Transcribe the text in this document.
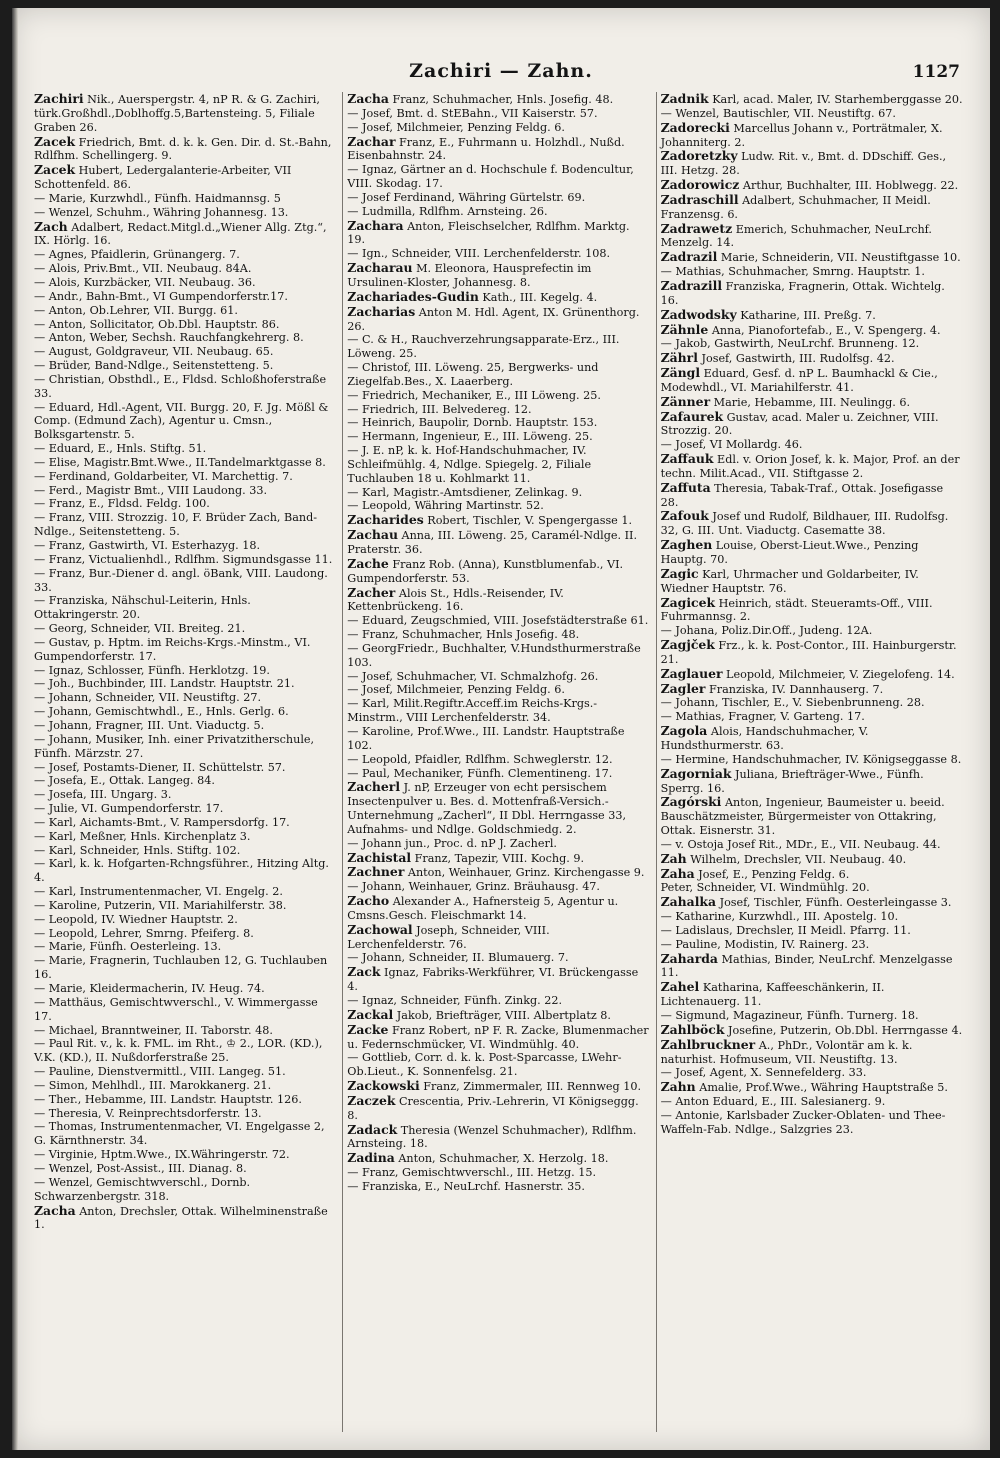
Zachiri — Zahn.	1127

Zachiri Nik., Auerspergstr. 4, nP R. & G. Zachiri, türk.Großhdl.,Doblhoffg.5,Bartensteing. 5, Filiale Graben 26.

Zacek Friedrich, Bmt. d. k. k. Gen. Dir. d. St.-Bahn, Rdlfhm. Schellingerg. 9.

Zacek Hubert, Ledergalanterie-Arbeiter, VII Schottenfeld. 86.

— Marie, Kurzwhdl., Fünfh. Haidmannsg. 5

— Wenzel, Schuhm., Währing Johannesg. 13.

Zach Adalbert, Redact.Mitgl.d.„Wiener Allg. Ztg.“, IX. Hörlg. 16.

— Agnes, Pfaidlerin, Grünangerg. 7.

— Alois, Priv.Bmt., VII. Neubaug. 84A.

— Alois, Kurzbäcker, VII. Neubaug. 36.

— Andr., Bahn-Bmt., VI Gumpendorferstr.17.

— Anton, Ob.Lehrer, VII. Burgg. 61.

— Anton, Sollicitator, Ob.Dbl. Hauptstr. 86.

— Anton, Weber, Sechsh. Rauchfangkehrerg. 8.

— August, Goldgraveur, VII. Neubaug. 65.

— Brüder, Band-Ndlge., Seitenstetteng. 5.

— Christian, Obsthdl., E., Fldsd. Schloßhoferstraße 33.

— Eduard, Hdl.-Agent, VII. Burgg. 20, F. Jg. Mößl & Comp. (Edmund Zach), Agentur u. Cmsn., Bolksgartenstr. 5.

— Eduard, E., Hnls. Stiftg. 51.

— Elise, Magistr.Bmt.Wwe., II.Tandelmarktgasse 8.

— Ferdinand, Goldarbeiter, VI. Marchettig. 7.

— Ferd., Magistr Bmt., VIII Laudong. 33.

— Franz, E., Fldsd. Feldg. 100.

— Franz, VIII. Strozzig. 10, F. Brüder Zach, Band-Ndlge., Seitenstetteng. 5.

— Franz, Gastwirth, VI. Esterhazyg. 18.

— Franz, Victualienhdl., Rdlfhm. Sigmundsgasse 11.

— Franz, Bur.-Diener d. angl. öBank, VIII. Laudong. 33.

— Franziska, Nähschul-Leiterin, Hnls. Ottakringerstr. 20.

— Georg, Schneider, VII. Breiteg. 21.

— Gustav, p. Hptm. im Reichs-Krgs.-Minstm., VI. Gumpendorferstr. 17.

— Ignaz, Schlosser, Fünfh. Herklotzg. 19.

— Joh., Buchbinder, III. Landstr. Hauptstr. 21.

— Johann, Schneider, VII. Neustiftg. 27.

— Johann, Gemischtwhdl., E., Hnls. Gerlg. 6.

— Johann, Fragner, III. Unt. Viaductg. 5.

— Johann, Musiker, Inh. einer Privatzitherschule, Fünfh. Märzstr. 27.

— Josef, Postamts-Diener, II. Schüttelstr. 57.

— Josefa, E., Ottak. Langeg. 84.

— Josefa, III. Ungarg. 3.

— Julie, VI. Gumpendorferstr. 17.

— Karl, Aichamts-Bmt., V. Rampersdorfg. 17.

— Karl, Meßner, Hnls. Kirchenplatz 3.

— Karl, Schneider, Hnls. Stiftg. 102.

— Karl, k. k. Hofgarten-Rchngsführer., Hitzing Altg. 4.

— Karl, Instrumentenmacher, VI. Engelg. 2.

— Karoline, Putzerin, VII. Mariahilferstr. 38.

— Leopold, IV. Wiedner Hauptstr. 2.

— Leopold, Lehrer, Smrng. Pfeiferg. 8.

— Marie, Fünfh. Oesterleing. 13.

— Marie, Fragnerin, Tuchlauben 12, G. Tuchlauben 16.

— Marie, Kleidermacherin, IV. Heug. 74.

— Matthäus, Gemischtwverschl., V. Wimmergasse 17.

— Michael, Branntweiner, II. Taborstr. 48.

— Paul Rit. v., k. k. FML. im Rht., ♔ 2., LOR. (KD.), V.K. (KD.), II. Nußdorferstraße 25.

— Pauline, Dienstvermittl., VIII. Langeg. 51.

— Simon, Mehlhdl., III. Marokkanerg. 21.

— Ther., Hebamme, III. Landstr. Hauptstr. 126.

— Theresia, V. Reinprechtsdorferstr. 13.

— Thomas, Instrumentenmacher, VI. Engelgasse 2, G. Kärnthnerstr. 34.

— Virginie, Hptm.Wwe., IX.Währingerstr. 72.

— Wenzel, Post-Assist., III. Dianag. 8.

— Wenzel, Gemischtwverschl., Dornb. Schwarzenbergstr. 318.

Zacha Anton, Drechsler, Ottak. Wilhelminenstraße 1.

Zacha Franz, Schuhmacher, Hnls. Josefig. 48.

— Josef, Bmt. d. StEBahn., VII Kaiserstr. 57.

— Josef, Milchmeier, Penzing Feldg. 6.

Zachar Franz, E., Fuhrmann u. Holzhdl., Nußd. Eisenbahnstr. 24.

— Ignaz, Gärtner an d. Hochschule f. Bodencultur, VIII. Skodag. 17.

— Josef Ferdinand, Währing Gürtelstr. 69.

— Ludmilla, Rdlfhm. Arnsteing. 26.

Zachara Anton, Fleischselcher, Rdlfhm. Marktg. 19.

— Ign., Schneider, VIII. Lerchenfelderstr. 108.

Zacharau M. Eleonora, Hausprefectin im Ursulinen-Kloster, Johannesg. 8.

Zachariades-Gudin Kath., III. Kegelg. 4.

Zacharias Anton M. Hdl. Agent, IX. Grünenthorg. 26.

— C. & H., Rauchverzehrungsapparate-Erz., III. Löweng. 25.

— Christof, III. Löweng. 25, Bergwerks- und Ziegelfab.Bes., X. Laaerberg.

— Friedrich, Mechaniker, E., III Löweng. 25.

— Friedrich, III. Belvedereg. 12.

— Heinrich, Baupolir, Dornb. Hauptstr. 153.

— Hermann, Ingenieur, E., III. Löweng. 25.

— J. E. nP, k. k. Hof-Handschuhmacher, IV. Schleifmühlg. 4, Ndlge. Spiegelg. 2, Filiale Tuchlauben 18 u. Kohlmarkt 11.

— Karl, Magistr.-Amtsdiener, Zelinkag. 9.

— Leopold, Währing Martinstr. 52.

Zacharides Robert, Tischler, V. Spengergasse 1.

Zachau Anna, III. Löweng. 25, Caramél-Ndlge. II. Praterstr. 36.

Zache Franz Rob. (Anna), Kunstblumenfab., VI. Gumpendorferstr. 53.

Zacher Alois St., Hdls.-Reisender, IV. Kettenbrückeng. 16.

— Eduard, Zeugschmied, VIII. Josefstädterstraße 61.

— Franz, Schuhmacher, Hnls Josefig. 48.

— GeorgFriedr., Buchhalter, V.Hundsthurmerstraße 103.

— Josef, Schuhmacher, VI. Schmalzhofg. 26.

— Josef, Milchmeier, Penzing Feldg. 6.

— Karl, Milit.Regiftr.Acceff.im Reichs-Krgs.-Minstrm., VIII Lerchenfelderstr. 34.

— Karoline, Prof.Wwe., III. Landstr. Hauptstraße 102.

— Leopold, Pfaidler, Rdlfhm. Schweglerstr. 12.

— Paul, Mechaniker, Fünfh. Clementineng. 17.

Zacherl J. nP, Erzeuger von echt persischem Insectenpulver u. Bes. d. Mottenfraß-Versich.-Unternehmung „Zacherl“, II Dbl. Herrngasse 33, Aufnahms- und Ndlge. Goldschmiedg. 2.

— Johann jun., Proc. d. nP J. Zacherl.

Zachistal Franz, Tapezir, VIII. Kochg. 9.

Zachner Anton, Weinhauer, Grinz. Kirchengasse 9.

— Johann, Weinhauer, Grinz. Bräuhausg. 47.

Zacho Alexander A., Hafnersteig 5, Agentur u. Cmsns.Gesch. Fleischmarkt 14.

Zachowal Joseph, Schneider, VIII. Lerchenfelderstr. 76.

— Johann, Schneider, II. Blumauerg. 7.

Zack Ignaz, Fabriks-Werkführer, VI. Brückengasse 4.

— Ignaz, Schneider, Fünfh. Zinkg. 22.

Zackal Jakob, Briefträger, VIII. Albertplatz 8.

Zacke Franz Robert, nP F. R. Zacke, Blumenmacher u. Federnschmücker, VI. Windmühlg. 40.

— Gottlieb, Corr. d. k. k. Post-Sparcasse, LWehr-Ob.Lieut., K. Sonnenfelsg. 21.

Zackowski Franz, Zimmermaler, III. Rennweg 10.

Zaczek Crescentia, Priv.-Lehrerin, VI Königseggg. 8.

Zadack Theresia (Wenzel Schuhmacher), Rdlfhm. Arnsteing. 18.

Zadina Anton, Schuhmacher, X. Herzolg. 18.

— Franz, Gemischtwverschl., III. Hetzg. 15.

— Franziska, E., NeuLrchf. Hasnerstr. 35.

Zadnik Karl, acad. Maler, IV. Starhemberggasse 20.

— Wenzel, Bautischler, VII. Neustiftg. 67.

Zadorecki Marcellus Johann v., Porträtmaler, X. Johanniterg. 2.

Zadoretzky Ludw. Rit. v., Bmt. d. DDschiff. Ges., III. Hetzg. 28.

Zadorowicz Arthur, Buchhalter, III. Hoblwegg. 22.

Zadraschill Adalbert, Schuhmacher, II Meidl. Franzensg. 6.

Zadrawetz Emerich, Schuhmacher, NeuLrchf. Menzelg. 14.

Zadrazil Marie, Schneiderin, VII. Neustiftgasse 10.

— Mathias, Schuhmacher, Smrng. Hauptstr. 1.

Zadrazill Franziska, Fragnerin, Ottak. Wichtelg. 16.

Zadwodsky Katharine, III. Preßg. 7.

Zähnle Anna, Pianofortefab., E., V. Spengerg. 4.

— Jakob, Gastwirth, NeuLrchf. Brunneng. 12.

Zährl Josef, Gastwirth, III. Rudolfsg. 42.

Zängl Eduard, Gesf. d. nP L. Baumhackl & Cie., Modewhdl., VI. Mariahilferstr. 41.

Zänner Marie, Hebamme, III. Neulingg. 6.

Zafaurek Gustav, acad. Maler u. Zeichner, VIII. Strozzig. 20.

— Josef, VI Mollardg. 46.

Zaffauk Edl. v. Orion Josef, k. k. Major, Prof. an der techn. Milit.Acad., VII. Stiftgasse 2.

Zaffuta Theresia, Tabak-Traf., Ottak. Josefigasse 28.

Zafouk Josef und Rudolf, Bildhauer, III. Rudolfsg. 32, G. III. Unt. Viaductg. Casematte 38.

Zaghen Louise, Oberst-Lieut.Wwe., Penzing Hauptg. 70.

Zagic Karl, Uhrmacher und Goldarbeiter, IV. Wiedner Hauptstr. 76.

Zagicek Heinrich, städt. Steueramts-Off., VIII. Fuhrmannsg. 2.

— Johana, Poliz.Dir.Off., Judeng. 12A.

Zagjček Frz., k. k. Post-Contor., III. Hainburgerstr. 21.

Zaglauer Leopold, Milchmeier, V. Ziegelofeng. 14.

Zagler Franziska, IV. Dannhauserg. 7.

— Johann, Tischler, E., V. Siebenbrunneng. 28.

— Mathias, Fragner, V. Garteng. 17.

Zagola Alois, Handschuhmacher, V. Hundsthurmerstr. 63.

— Hermine, Handschuhmacher, IV. Königseggasse 8.

Zagorniak Juliana, Briefträger-Wwe., Fünfh. Sperrg. 16.

Zagórski Anton, Ingenieur, Baumeister u. beeid. Bauschätzmeister, Bürgermeister von Ottakring, Ottak. Eisnerstr. 31.

— v. Ostoja Josef Rit., MDr., E., VII. Neubaug. 44.

Zah Wilhelm, Drechsler, VII. Neubaug. 40.

Zaha Josef, E., Penzing Feldg. 6.

Peter, Schneider, VI. Windmühlg. 20.

Zahalka Josef, Tischler, Fünfh. Oesterleingasse 3.

— Katharine, Kurzwhdl., III. Apostelg. 10.

— Ladislaus, Drechsler, II Meidl. Pfarrg. 11.

— Pauline, Modistin, IV. Rainerg. 23.

Zaharda Mathias, Binder, NeuLrchf. Menzelgasse 11.

Zahel Katharina, Kaffeeschänkerin, II. Lichtenauerg. 11.

— Sigmund, Magazineur, Fünfh. Turnerg. 18.

Zahlböck Josefine, Putzerin, Ob.Dbl. Herrngasse 4.

Zahlbruckner A., PhDr., Volontär am k. k. naturhist. Hofmuseum, VII. Neustiftg. 13.

— Josef, Agent, X. Sennefelderg. 33.

Zahn Amalie, Prof.Wwe., Währing Hauptstraße 5.

— Anton Eduard, E., III. Salesianerg. 9.

— Antonie, Karlsbader Zucker-Oblaten- und Thee-Waffeln-Fab. Ndlge., Salzgries 23.
